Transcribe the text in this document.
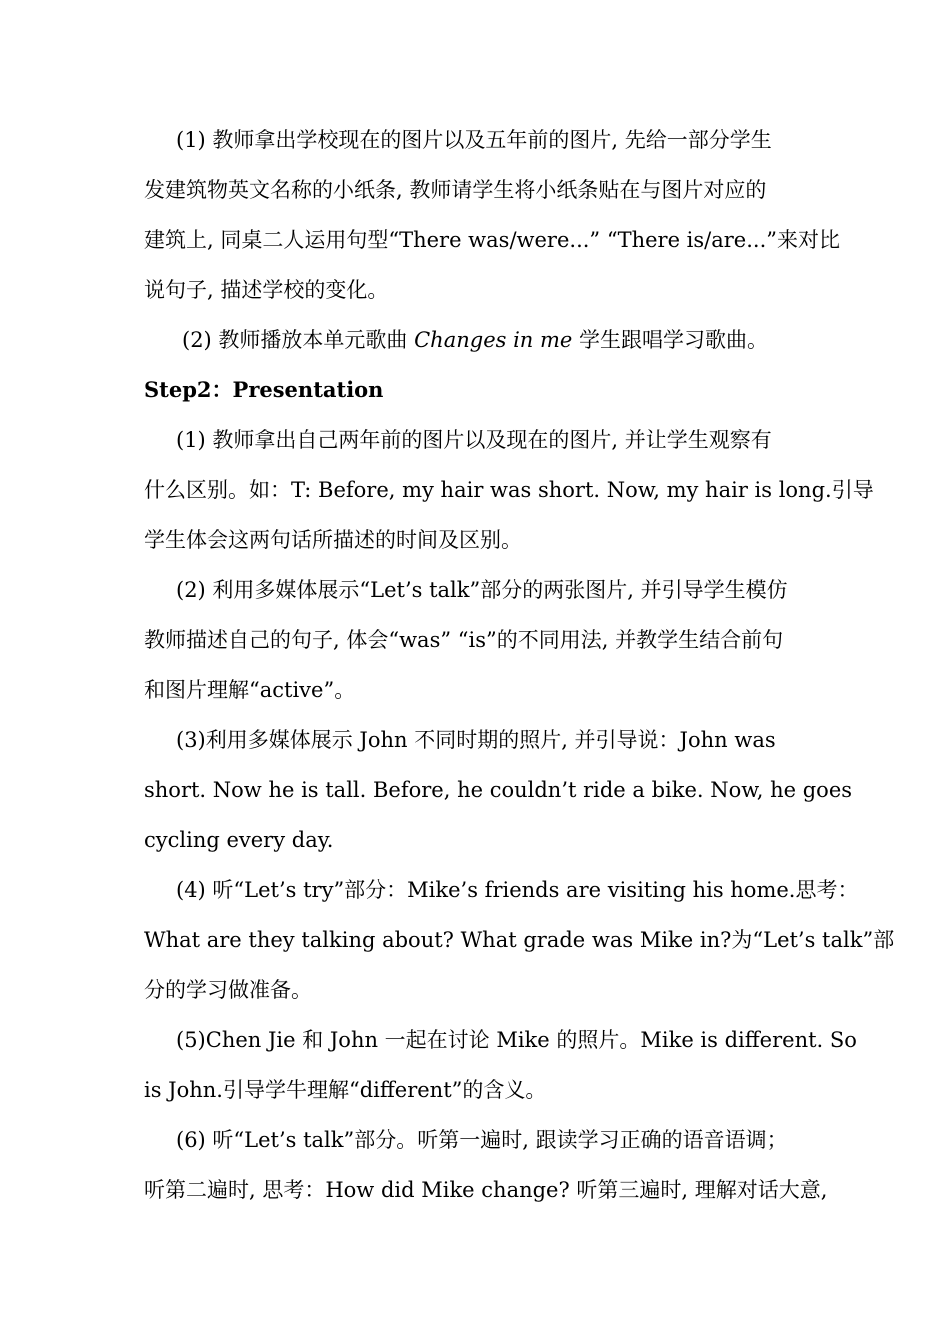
(1) 教师拿出学校现在的图片以及五年前的图片, 先给一部分学生
发建筑物英文名称的小纸条, 教师请学生将小纸条贴在与图片对应的
建筑上, 同桌二人运用句型“There was/were...” “There is/are...”来对比
说句子, 描述学校的变化。
(2) 教师播放本单元歌曲 Changes in me 学生跟唱学习歌曲。
Step2：Presentation
(1) 教师拿出自己两年前的图片以及现在的图片, 并让学生观察有
什么区别。如：T: Before, my hair was short. Now, my hair is long.引导
学生体会这两句话所描述的时间及区别。
(2) 利用多媒体展示“Let’s talk”部分的两张图片, 并引导学生模仿
教师描述自己的句子, 体会“was” “is”的不同用法, 并教学生结合前句
和图片理解“active”。
(3)利用多媒体展示 John 不同时期的照片, 并引导说：John was
short. Now he is tall. Before, he couldn’t ride a bike. Now, he goes
cycling every day.
(4) 听“Let’s try”部分：Mike’s friends are visiting his home.思考：
What are they talking about? What grade was Mike in?为“Let’s talk”部
分的学习做准备。
(5)Chen Jie 和 John 一起在讨论 Mike 的照片。Mike is different. So
is John.引导学牛理解“different”的含义。
(6) 听“Let’s talk”部分。听第一遍时, 跟读学习正确的语音语调；
听第二遍时, 思考：How did Mike change? 听第三遍时, 理解对话大意,
